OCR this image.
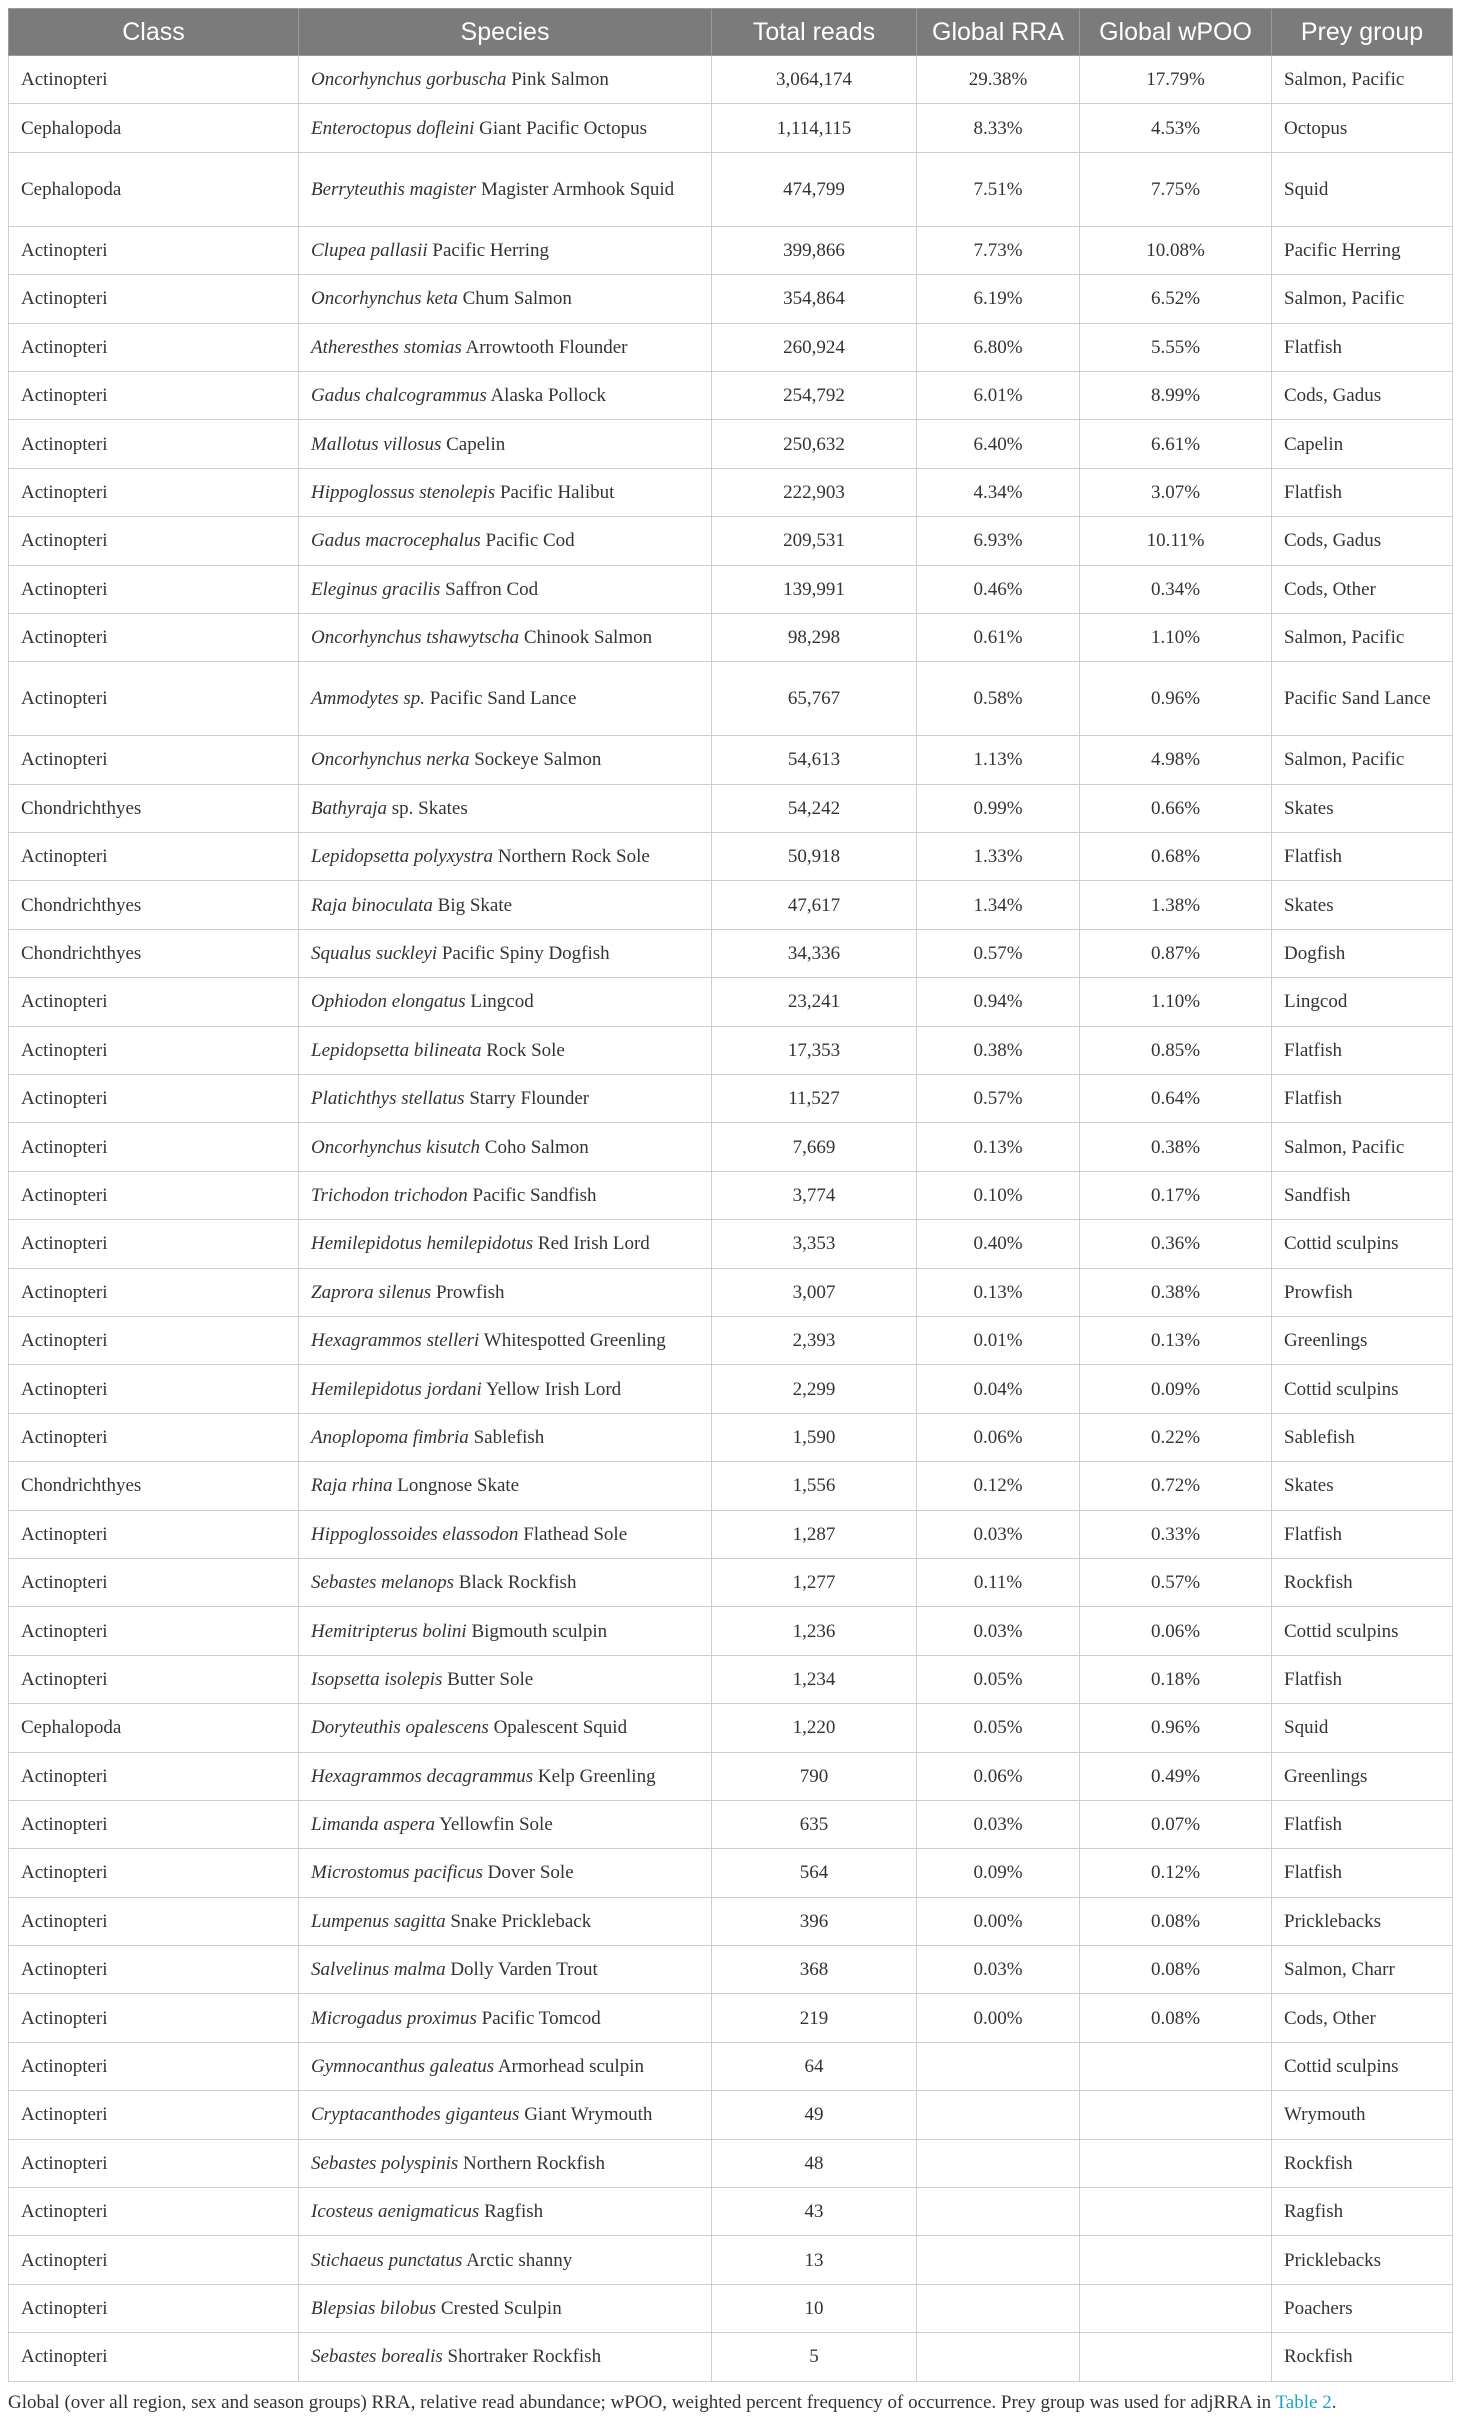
Class	Species	Total reads	Global RRA	Global wPOO	Prey group
Actinopteri	Oncorhynchus gorbuscha Pink Salmon	3,064,174	29.38%	17.79%	Salmon, Pacific
Cephalopoda	Enteroctopus dofleini Giant Pacific Octopus	1,114,115	8.33%	4.53%	Octopus
Cephalopoda	Berryteuthis magister Magister Armhook Squid	474,799	7.51%	7.75%	Squid
Actinopteri	Clupea pallasii Pacific Herring	399,866	7.73%	10.08%	Pacific Herring
Actinopteri	Oncorhynchus keta Chum Salmon	354,864	6.19%	6.52%	Salmon, Pacific
Actinopteri	Atheresthes stomias Arrowtooth Flounder	260,924	6.80%	5.55%	Flatfish
Actinopteri	Gadus chalcogrammus Alaska Pollock	254,792	6.01%	8.99%	Cods, Gadus
Actinopteri	Mallotus villosus Capelin	250,632	6.40%	6.61%	Capelin
Actinopteri	Hippoglossus stenolepis Pacific Halibut	222,903	4.34%	3.07%	Flatfish
Actinopteri	Gadus macrocephalus Pacific Cod	209,531	6.93%	10.11%	Cods, Gadus
Actinopteri	Eleginus gracilis Saffron Cod	139,991	0.46%	0.34%	Cods, Other
Actinopteri	Oncorhynchus tshawytscha Chinook Salmon	98,298	0.61%	1.10%	Salmon, Pacific
Actinopteri	Ammodytes sp. Pacific Sand Lance	65,767	0.58%	0.96%	Pacific Sand Lance
Actinopteri	Oncorhynchus nerka Sockeye Salmon	54,613	1.13%	4.98%	Salmon, Pacific
Chondrichthyes	Bathyraja sp. Skates	54,242	0.99%	0.66%	Skates
Actinopteri	Lepidopsetta polyxystra Northern Rock Sole	50,918	1.33%	0.68%	Flatfish
Chondrichthyes	Raja binoculata Big Skate	47,617	1.34%	1.38%	Skates
Chondrichthyes	Squalus suckleyi Pacific Spiny Dogfish	34,336	0.57%	0.87%	Dogfish
Actinopteri	Ophiodon elongatus Lingcod	23,241	0.94%	1.10%	Lingcod
Actinopteri	Lepidopsetta bilineata Rock Sole	17,353	0.38%	0.85%	Flatfish
Actinopteri	Platichthys stellatus Starry Flounder	11,527	0.57%	0.64%	Flatfish
Actinopteri	Oncorhynchus kisutch Coho Salmon	7,669	0.13%	0.38%	Salmon, Pacific
Actinopteri	Trichodon trichodon Pacific Sandfish	3,774	0.10%	0.17%	Sandfish
Actinopteri	Hemilepidotus hemilepidotus Red Irish Lord	3,353	0.40%	0.36%	Cottid sculpins
Actinopteri	Zaprora silenus Prowfish	3,007	0.13%	0.38%	Prowfish
Actinopteri	Hexagrammos stelleri Whitespotted Greenling	2,393	0.01%	0.13%	Greenlings
Actinopteri	Hemilepidotus jordani Yellow Irish Lord	2,299	0.04%	0.09%	Cottid sculpins
Actinopteri	Anoplopoma fimbria Sablefish	1,590	0.06%	0.22%	Sablefish
Chondrichthyes	Raja rhina Longnose Skate	1,556	0.12%	0.72%	Skates
Actinopteri	Hippoglossoides elassodon Flathead Sole	1,287	0.03%	0.33%	Flatfish
Actinopteri	Sebastes melanops Black Rockfish	1,277	0.11%	0.57%	Rockfish
Actinopteri	Hemitripterus bolini Bigmouth sculpin	1,236	0.03%	0.06%	Cottid sculpins
Actinopteri	Isopsetta isolepis Butter Sole	1,234	0.05%	0.18%	Flatfish
Cephalopoda	Doryteuthis opalescens Opalescent Squid	1,220	0.05%	0.96%	Squid
Actinopteri	Hexagrammos decagrammus Kelp Greenling	790	0.06%	0.49%	Greenlings
Actinopteri	Limanda aspera Yellowfin Sole	635	0.03%	0.07%	Flatfish
Actinopteri	Microstomus pacificus Dover Sole	564	0.09%	0.12%	Flatfish
Actinopteri	Lumpenus sagitta Snake Prickleback	396	0.00%	0.08%	Pricklebacks
Actinopteri	Salvelinus malma Dolly Varden Trout	368	0.03%	0.08%	Salmon, Charr
Actinopteri	Microgadus proximus Pacific Tomcod	219	0.00%	0.08%	Cods, Other
Actinopteri	Gymnocanthus galeatus Armorhead sculpin	64			Cottid sculpins
Actinopteri	Cryptacanthodes giganteus Giant Wrymouth	49			Wrymouth
Actinopteri	Sebastes polyspinis Northern Rockfish	48			Rockfish
Actinopteri	Icosteus aenigmaticus Ragfish	43			Ragfish
Actinopteri	Stichaeus punctatus Arctic shanny	13			Pricklebacks
Actinopteri	Blepsias bilobus Crested Sculpin	10			Poachers
Actinopteri	Sebastes borealis Shortraker Rockfish	5			Rockfish
Global (over all region, sex and season groups) RRA, relative read abundance; wPOO, weighted percent frequency of occurrence. Prey group was used for adjRRA in Table 2.
